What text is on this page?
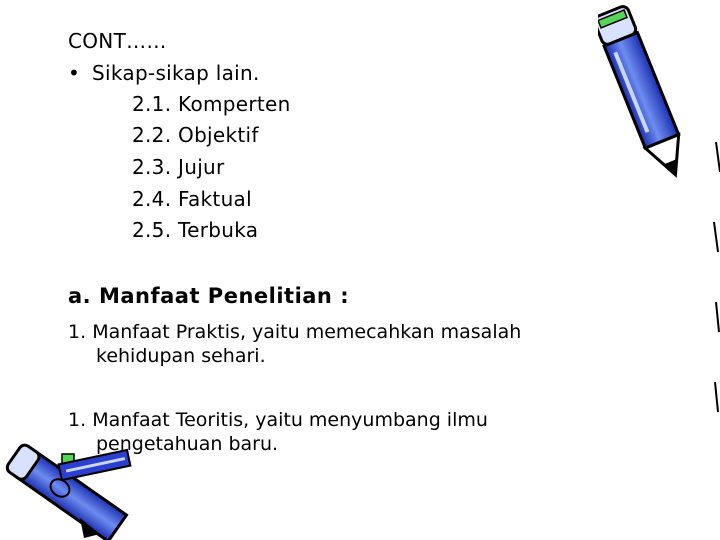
CONT……
• Sikap-sikap lain.
2.1. Komperten
2.2. Objektif
2.3. Jujur
2.4. Faktual
2.5. Terbuka
a. Manfaat Penelitian :
1. Manfaat Praktis, yaitu memecahkan masalah
kehidupan sehari.
1. Manfaat Teoritis, yaitu menyumbang ilmu
pengetahuan baru.
